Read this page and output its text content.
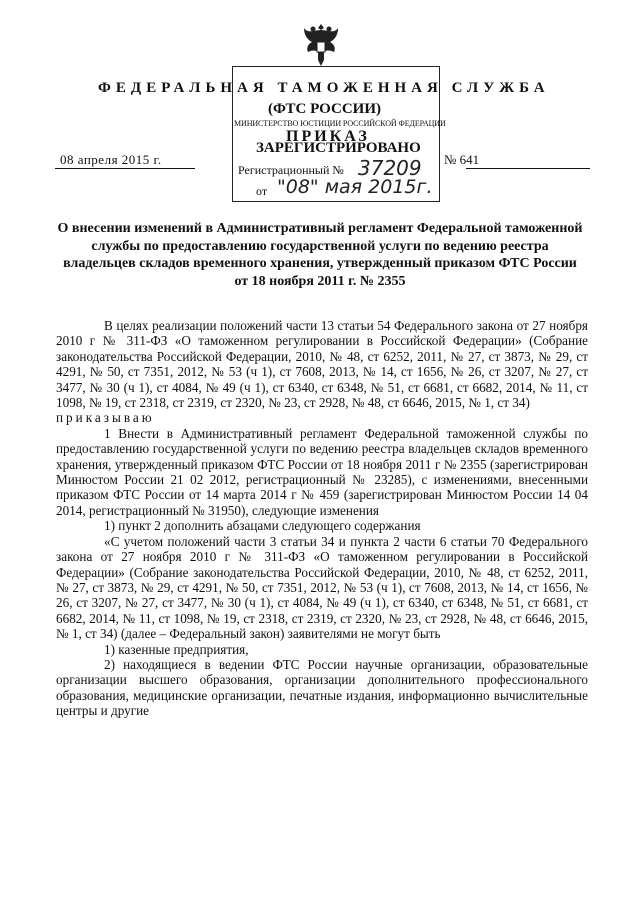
ФЕДЕРАЛЬНАЯ ТАМОЖЕННАЯ СЛУЖБА
(ФТС РОССИИ)
МИНИСТЕРСТВО ЮСТИЦИИ РОССИЙСКОЙ ФЕДЕРАЦИИ
ПРИКАЗ
ЗАРЕГИСТРИРОВАНО
Регистрационный № 37209
от "08" мая 2015г.
08 апреля 2015 г.	№ 641
О внесении изменений в Административный регламент Федеральной таможенной службы по предоставлению государственной услуги по ведению реестра владельцев складов временного хранения, утвержденный приказом ФТС России от 18 ноября 2011 г. № 2355

В целях реализации положений части 13 статьи 54 Федерального закона от 27 ноября 2010 г № 311-ФЗ «О таможенном регулировании в Российской Федерации» (Собрание законодательства Российской Федерации, 2010, № 48, ст 6252, 2011, № 27, ст 3873, № 29, ст 4291, № 50, ст 7351, 2012, № 53 (ч 1), ст 7608, 2013, № 14, ст 1656, № 26, ст 3207, № 27, ст 3477, № 30 (ч 1), ст 4084, № 49 (ч 1), ст 6340, ст 6348, № 51, ст 6681, ст 6682, 2014, № 11, ст 1098, № 19, ст 2318, ст 2319, ст 2320, № 23, ст 2928, № 48, ст 6646, 2015, № 1, ст 34)

приказываю

1 Внести в Административный регламент Федеральной таможенной службы по предоставлению государственной услуги по ведению реестра владельцев складов временного хранения, утвержденный приказом ФТС России от 18 ноября 2011 г № 2355 (зарегистрирован Минюстом России 21 02 2012, регистрационный № 23285), с изменениями, внесенными приказом ФТС России от 14 марта 2014 г № 459 (зарегистрирован Минюстом России 14 04 2014, регистрационный № 31950), следующие изменения

1) пункт 2 дополнить абзацами следующего содержания

«С учетом положений части 3 статьи 34 и пункта 2 части 6 статьи 70 Федерального закона от 27 ноября 2010 г № 311-ФЗ «О таможенном регулировании в Российской Федерации» (Собрание законодательства Российской Федерации, 2010, № 48, ст 6252, 2011, № 27, ст 3873, № 29, ст 4291, № 50, ст 7351, 2012, № 53 (ч 1), ст 7608, 2013, № 14, ст 1656, № 26, ст 3207, № 27, ст 3477, № 30 (ч 1), ст 4084, № 49 (ч 1), ст 6340, ст 6348, № 51, ст 6681, ст 6682, 2014, № 11, ст 1098, № 19, ст 2318, ст 2319, ст 2320, № 23, ст 2928, № 48, ст 6646, 2015, № 1, ст 34) (далее – Федеральный закон) заявителями не могут быть

1) казенные предприятия,

2) находящиеся в ведении ФТС России научные организации, образовательные организации высшего образования, организации дополнительного профессионального образования, медицинские организации, печатные издания, информационно вычислительные центры и другие
